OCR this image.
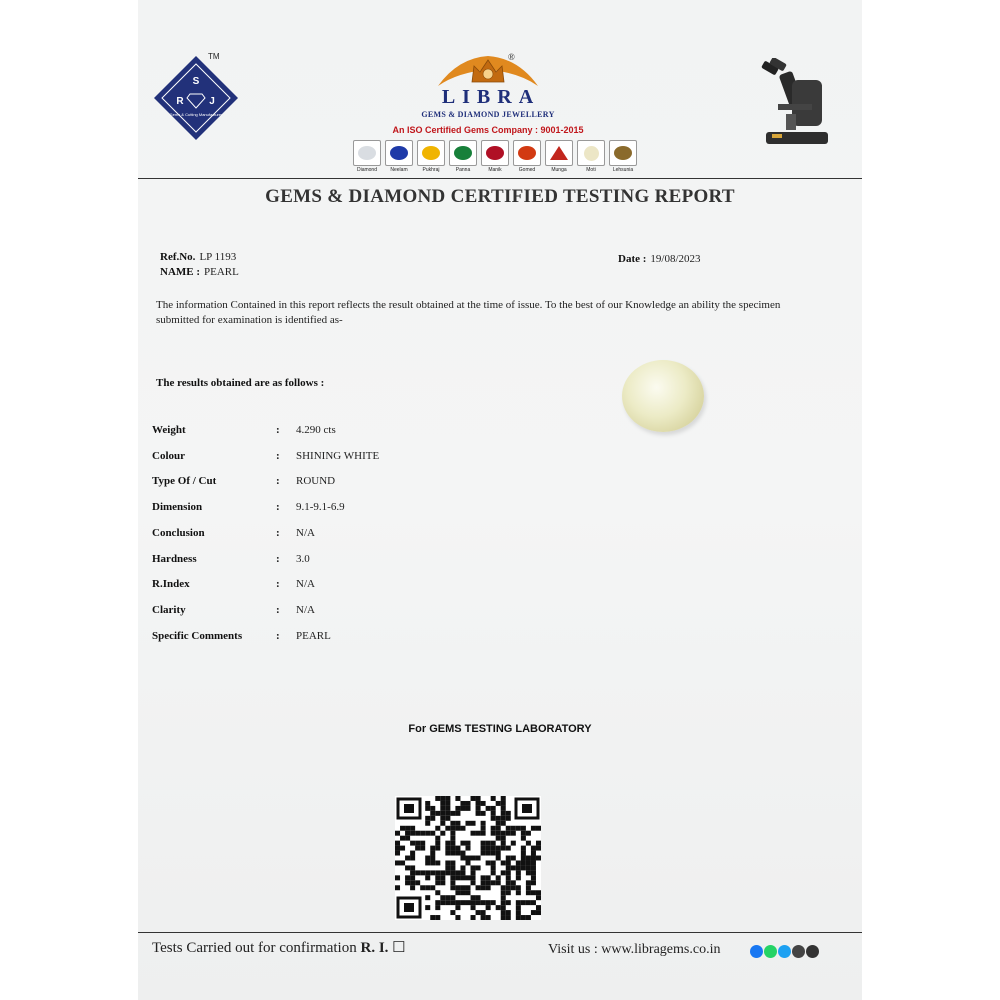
S
R	J
Gems & Cutting Manufacturer
TM	®
LIBRA
GEMS & DIAMOND JEWELLERY
An ISO Certified Gems Company : 9001-2015
Diamond	Neelam	Pukhraj	Panna	Manik	Gomed	Munga	Moti	Lehsunia
GEMS & DIAMOND CERTIFIED TESTING REPORT
Ref.No. LP 1193
NAME : PEARL
Date : 19/08/2023
The information Contained in this report reflects the result obtained at the time of issue. To the best of our Knowledge an ability the specimen submitted for examination is identified as-
The results obtained are as follows :
Weight	: 4.290 cts
Colour	: SHINING WHITE
Type Of / Cut	: ROUND
Dimension	: 9.1-9.1-6.9
Conclusion	: N/A
Hardness	: 3.0
R.Index	: N/A
Clarity	: N/A
Specific Comments	: PEARL
For GEMS TESTING LABORATORY
Tests Carried out for confirmation R. I. ☐	Visit us : www.libragems.co.in
